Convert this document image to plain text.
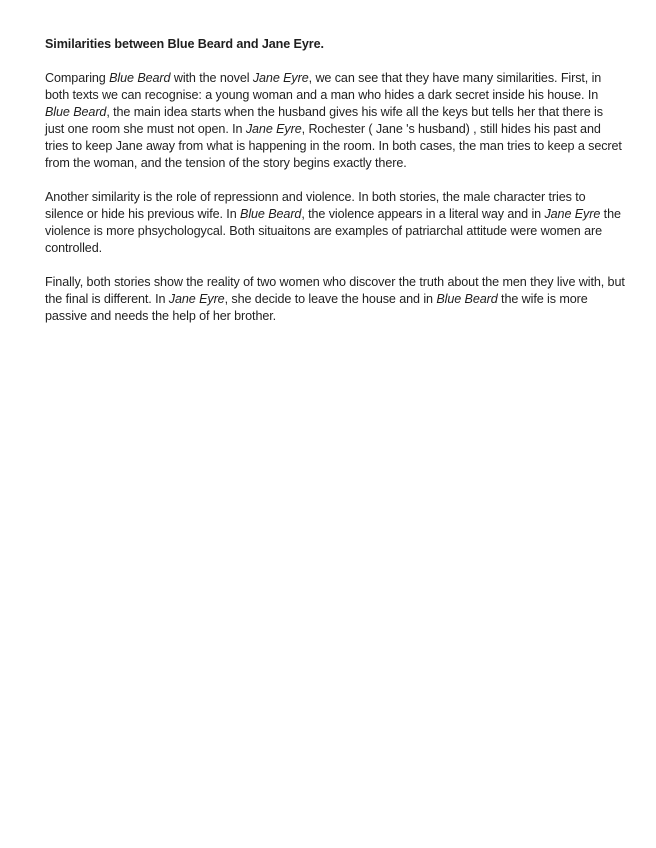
Similarities between Blue Beard and Jane Eyre.

Comparing Blue Beard with the novel Jane Eyre, we can see that they have many similarities. First, in both texts we can recognise: a young woman and a man who hides a dark secret inside his house. In Blue Beard, the main idea starts when the husband gives his wife all the keys but tells her that there is just one room she must not open. In Jane Eyre, Rochester ( Jane 's husband) , still hides his past and tries to keep Jane away from what is happening in the room. In both cases, the man tries to keep a secret from the woman, and the tension of the story begins exactly there.

Another similarity is the role of repressionn and violence. In both stories, the male character tries to silence or hide his previous wife. In Blue Beard, the violence appears in a literal way and in Jane Eyre the violence is more phsychologycal. Both situaitons are examples of patriarchal attitude were women are controlled.

Finally, both stories show the reality of two women who discover the truth about the men they live with, but the final is different. In Jane Eyre, she decide to leave the house and in Blue Beard the wife is more passive and needs the help of her brother.
